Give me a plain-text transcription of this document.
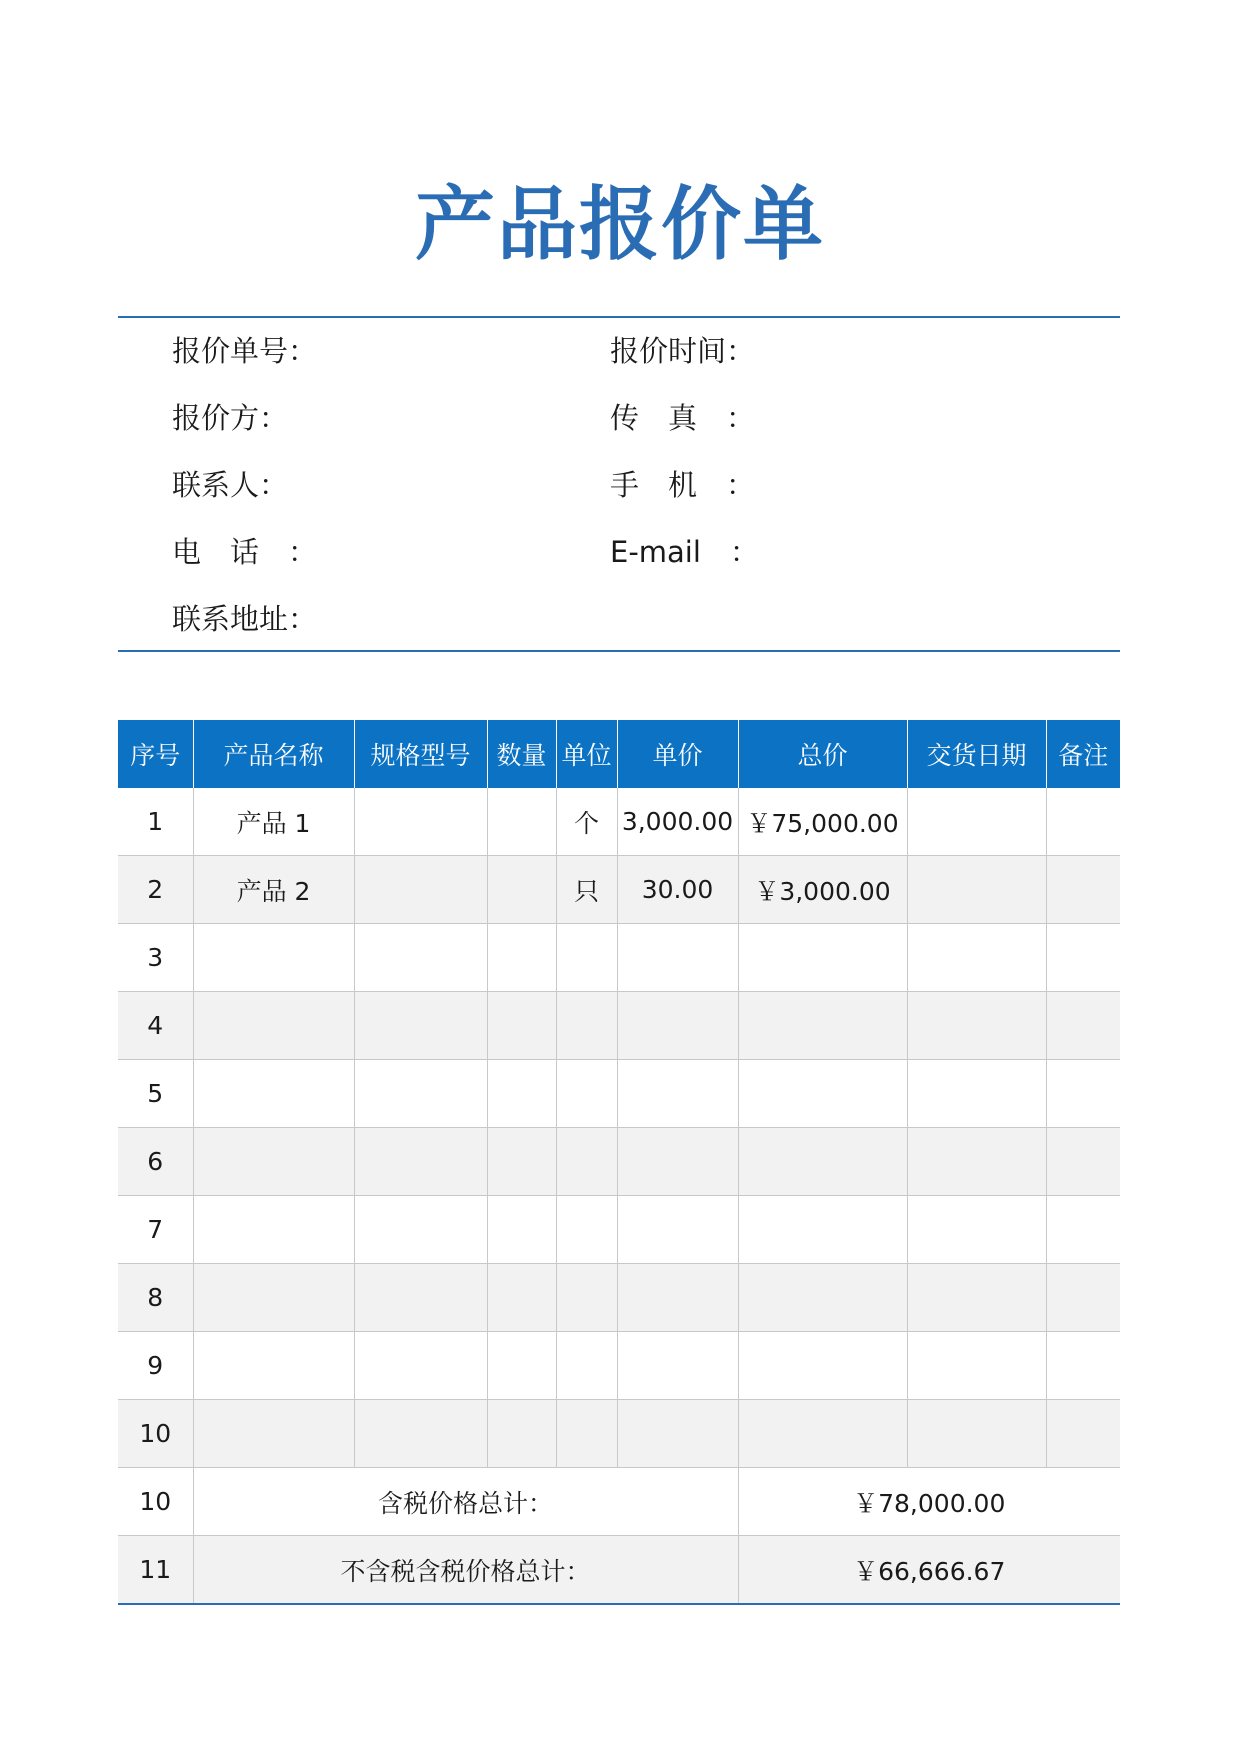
产品报价单
报价单号：	报价时间：
报价方：	传　真　：
联系人：	手　机　：
电　话　：	E-mail　：
联系地址：
序号	产品名称	规格型号	数量	单位	单价	总价	交货日期	备注
1	产品 1			个	3,000.00	￥75,000.00		
2	产品 2			只	30.00	￥3,000.00		
3								
4								
5								
6								
7								
8								
9								
10								
10	含税价格总计：					￥78,000.00		
11	不含税含税价格总计：					￥66,666.67		
